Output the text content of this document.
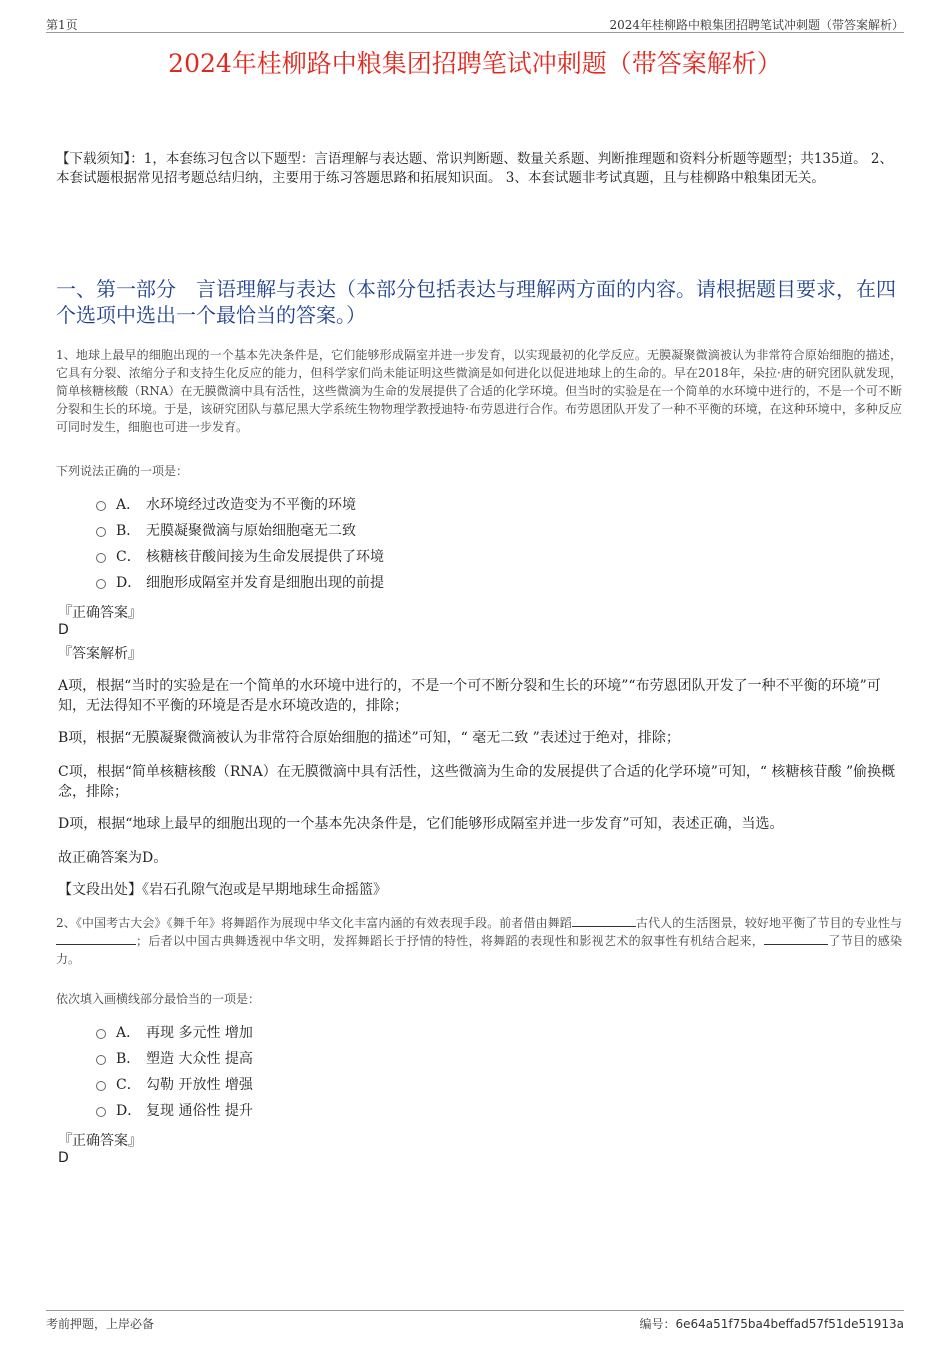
第1页	2024年桂柳路中粮集团招聘笔试冲刺题（带答案解析）
2024年桂柳路中粮集团招聘笔试冲刺题（带答案解析）
【下载须知】：1，本套练习包含以下题型：言语理解与表达题、常识判断题、数量关系题、判断推理题和资料分析题等题型；共135道。 2、本套试题根据常见招考题总结归纳，主要用于练习答题思路和拓展知识面。 3、本套试题非考试真题，且与桂柳路中粮集团无关。
一、第一部分　言语理解与表达（本部分包括表达与理解两方面的内容。请根据题目要求，在四个选项中选出一个最恰当的答案。）
1、地球上最早的细胞出现的一个基本先决条件是，它们能够形成隔室并进一步发育，以实现最初的化学反应。无膜凝聚微滴被认为非常符合原始细胞的描述，它具有分裂、浓缩分子和支持生化反应的能力，但科学家们尚未能证明这些微滴是如何进化以促进地球上的生命的。早在2018年，朵拉·唐的研究团队就发现，简单核糖核酸（RNA）在无膜微滴中具有活性，这些微滴为生命的发展提供了合适的化学环境。但当时的实验是在一个简单的水环境中进行的，不是一个可不断分裂和生长的环境。于是，该研究团队与慕尼黑大学系统生物物理学教授迪特·布劳恩进行合作。布劳恩团队开发了一种不平衡的环境，在这种环境中，多种反应可同时发生，细胞也可进一步发育。
下列说法正确的一项是：
A． 水环境经过改造变为不平衡的环境
B． 无膜凝聚微滴与原始细胞毫无二致
C． 核糖核苷酸间接为生命发展提供了环境
D． 细胞形成隔室并发育是细胞出现的前提
『正确答案』
D
『答案解析』
A项，根据“当时的实验是在一个简单的水环境中进行的，不是一个可不断分裂和生长的环境”“布劳恩团队开发了一种不平衡的环境”可知，无法得知不平衡的环境是否是水环境改造的，排除；
B项，根据“无膜凝聚微滴被认为非常符合原始细胞的描述”可知，“ 毫无二致 ”表述过于绝对，排除；
C项，根据“简单核糖核酸（RNA）在无膜微滴中具有活性，这些微滴为生命的发展提供了合适的化学环境”可知，“ 核糖核苷酸 ”偷换概念，排除；
D项，根据“地球上最早的细胞出现的一个基本先决条件是，它们能够形成隔室并进一步发育”可知，表述正确，当选。
故正确答案为D。
【文段出处】《岩石孔隙气泡或是早期地球生命摇篮》
2、《中国考古大会》《舞千年》将舞蹈作为展现中华文化丰富内涵的有效表现手段。前者借由舞蹈	古代人的生活图景，较好地平衡了节目的专业性与；后者以中国古典舞透视中华文明，发挥舞蹈长于抒情的特性，将舞蹈的表现性和影视艺术的叙事性有机结合起来，	了节目的感染力。
依次填入画横线部分最恰当的一项是：
A． 再现 多元性 增加
B． 塑造 大众性 提高
C． 勾勒 开放性 增强
D． 复现 通俗性 提升
『正确答案』
D
考前押题，上岸必备	编号：6e64a51f75ba4beffad57f51de51913a
